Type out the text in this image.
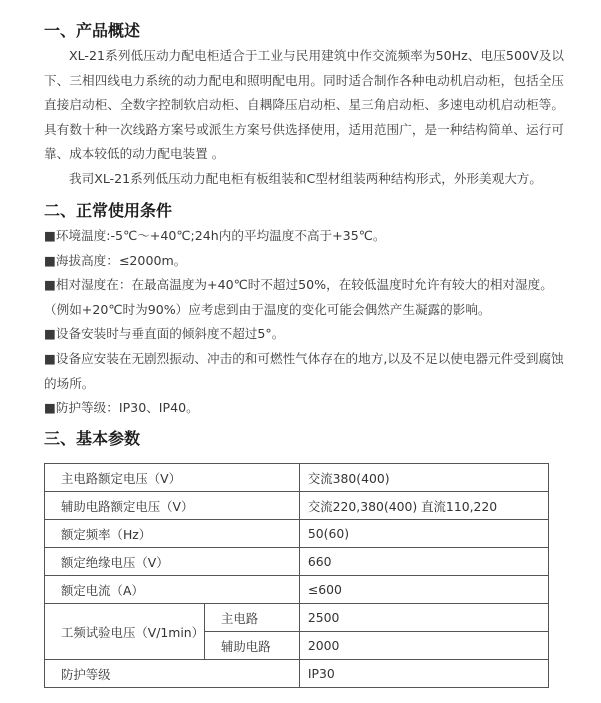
一、产品概述

XL-21系列低压动力配电柜适合于工业与民用建筑中作交流频率为50Hz、电压500V及以下、三相四线电力系统的动力配电和照明配电用。同时适合制作各种电动机启动柜，包括全压直接启动柜、全数字控制软启动柜、自耦降压启动柜、星三角启动柜、多速电动机启动柜等。具有数十种一次线路方案号或派生方案号供选择使用，适用范围广，是一种结构简单、运行可靠、成本较低的动力配电装置 。

我司XL-21系列低压动力配电柜有板组装和C型材组装两种结构形式，外形美观大方。

二、正常使用条件

■环境温度:-5℃～+40℃;24h内的平均温度不高于+35℃。

■海拔高度：≤2000m。

■相对湿度在：在最高温度为+40℃时不超过50%，在较低温度时允许有较大的相对湿度。（例如+20℃时为90%）应考虑到由于温度的变化可能会偶然产生凝露的影响。

■设备安装时与垂直面的倾斜度不超过5°。

■设备应安装在无剧烈振动、冲击的和可燃性气体存在的地方,以及不足以使电器元件受到腐蚀的场所。

■防护等级：IP30、IP40。

三、基本参数
主电路额定电压（V）		交流380(400)
辅助电路额定电压（V）		交流220,380(400) 直流110,220
额定频率（Hz）		50(60)
额定绝缘电压（V）		660
额定电流（A）		≤600
工频试验电压（V/1min）	主电路	2500
	辅助电路	2000
防护等级		IP30
